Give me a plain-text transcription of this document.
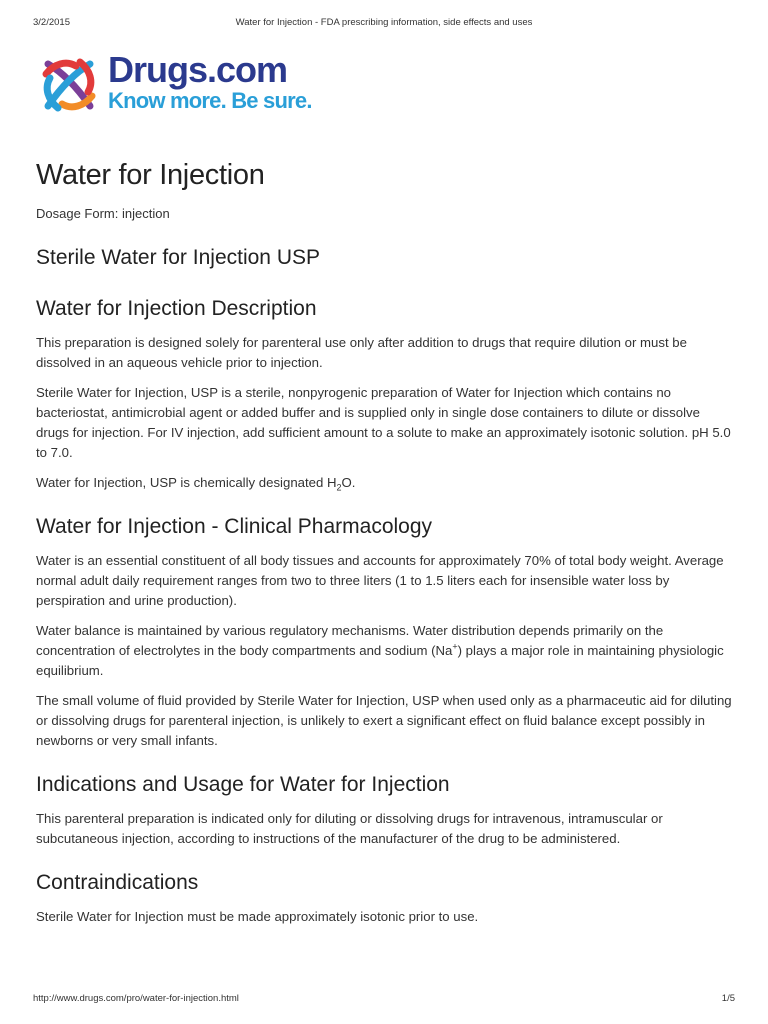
3/2/2015	Water for Injection - FDA prescribing information, side effects and uses
Drugs.com
Know more. Be sure.
Water for Injection
Dosage Form: injection
Sterile Water for Injection USP
Water for Injection Description

This preparation is designed solely for parenteral use only after addition to drugs that require dilution or must be dissolved in an aqueous vehicle prior to injection.

Sterile Water for Injection, USP is a sterile, nonpyrogenic preparation of Water for Injection which contains no bacteriostat, antimicrobial agent or added buffer and is supplied only in single dose containers to dilute or dissolve drugs for injection. For IV injection, add sufficient amount to a solute to make an approximately isotonic solution. pH 5.0 to 7.0.

Water for Injection, USP is chemically designated $H_2O$.

Water for Injection - Clinical Pharmacology

Water is an essential constituent of all body tissues and accounts for approximately 70% of total body weight. Average normal adult daily requirement ranges from two to three liters (1 to 1.5 liters each for insensible water loss by perspiration and urine production).

Water balance is maintained by various regulatory mechanisms. Water distribution depends primarily on the concentration of electrolytes in the body compartments and sodium (Na+) plays a major role in maintaining physiologic equilibrium.

The small volume of fluid provided by Sterile Water for Injection, USP when used only as a pharmaceutic aid for diluting or dissolving drugs for parenteral injection, is unlikely to exert a significant effect on fluid balance except possibly in newborns or very small infants.

Indications and Usage for Water for Injection

This parenteral preparation is indicated only for diluting or dissolving drugs for intravenous, intramuscular or subcutaneous injection, according to instructions of the manufacturer of the drug to be administered.

Contraindications

Sterile Water for Injection must be made approximately isotonic prior to use.

http://www.drugs.com/pro/water-for-injection.html	1/5
